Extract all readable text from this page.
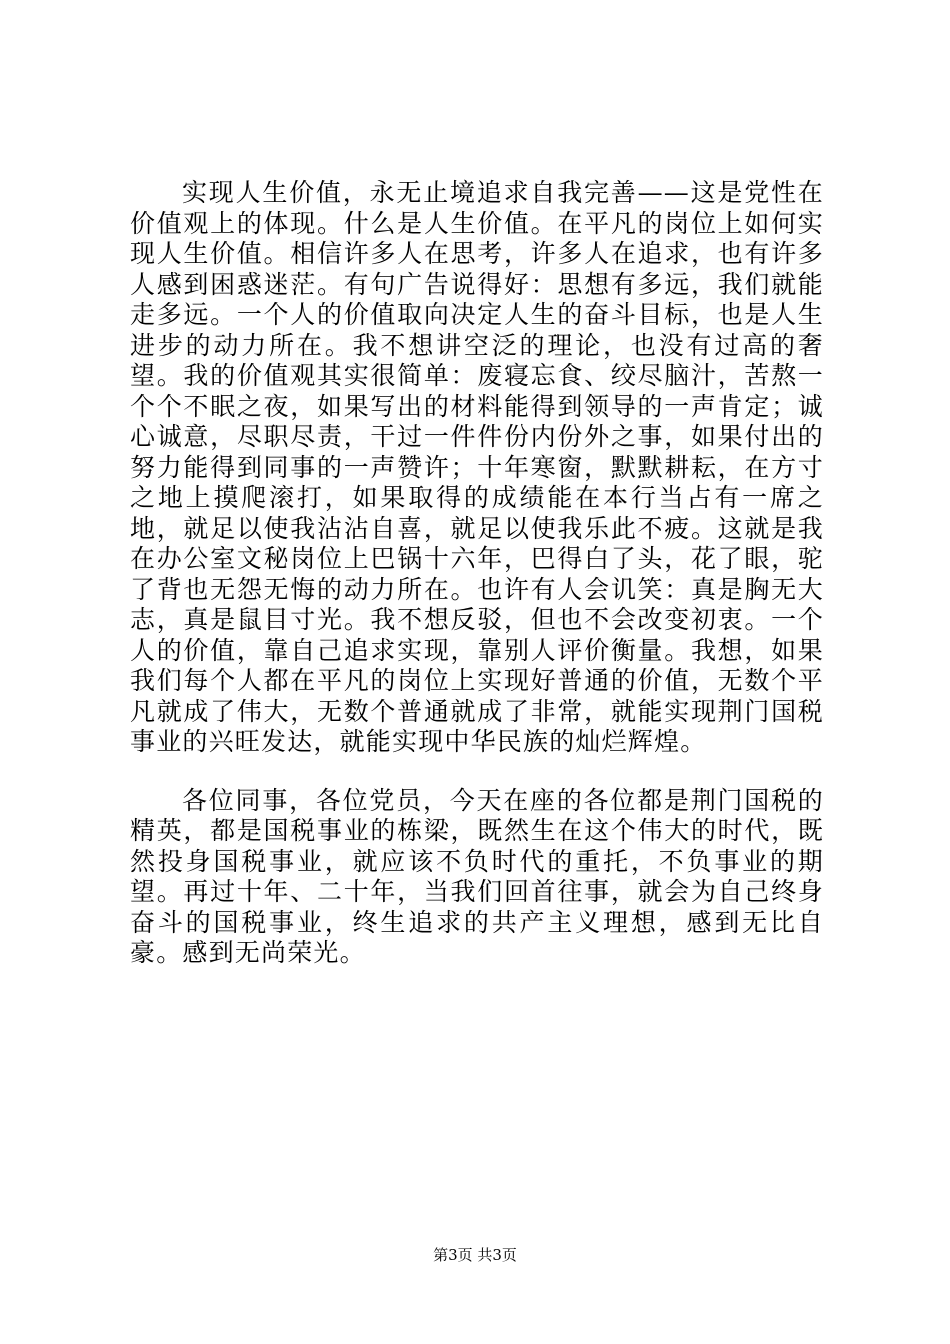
实现人生价值，永无止境追求自我完善——这是党性在价值观上的体现。什么是人生价值。在平凡的岗位上如何实现人生价值。相信许多人在思考，许多人在追求，也有许多人感到困惑迷茫。有句广告说得好：思想有多远，我们就能走多远。一个人的价值取向决定人生的奋斗目标，也是人生进步的动力所在。我不想讲空泛的理论，也没有过高的奢望。我的价值观其实很简单：废寝忘食、绞尽脑汁，苦熬一个个不眠之夜，如果写出的材料能得到领导的一声肯定；诚心诚意，尽职尽责，干过一件件份内份外之事，如果付出的努力能得到同事的一声赞许；十年寒窗，默默耕耘，在方寸之地上摸爬滚打，如果取得的成绩能在本行当占有一席之地，就足以使我沾沾自喜，就足以使我乐此不疲。这就是我在办公室文秘岗位上巴锅十六年，巴得白了头，花了眼，驼了背也无怨无悔的动力所在。也许有人会讥笑：真是胸无大志，真是鼠目寸光。我不想反驳，但也不会改变初衷。一个人的价值，靠自己追求实现，靠别人评价衡量。我想，如果我们每个人都在平凡的岗位上实现好普通的价值，无数个平凡就成了伟大，无数个普通就成了非常，就能实现荆门国税事业的兴旺发达，就能实现中华民族的灿烂辉煌。

各位同事，各位党员，今天在座的各位都是荆门国税的精英，都是国税事业的栋梁，既然生在这个伟大的时代，既然投身国税事业，就应该不负时代的重托，不负事业的期望。再过十年、二十年，当我们回首往事，就会为自己终身奋斗的国税事业，终生追求的共产主义理想，感到无比自豪。感到无尚荣光。

第3页 共3页
